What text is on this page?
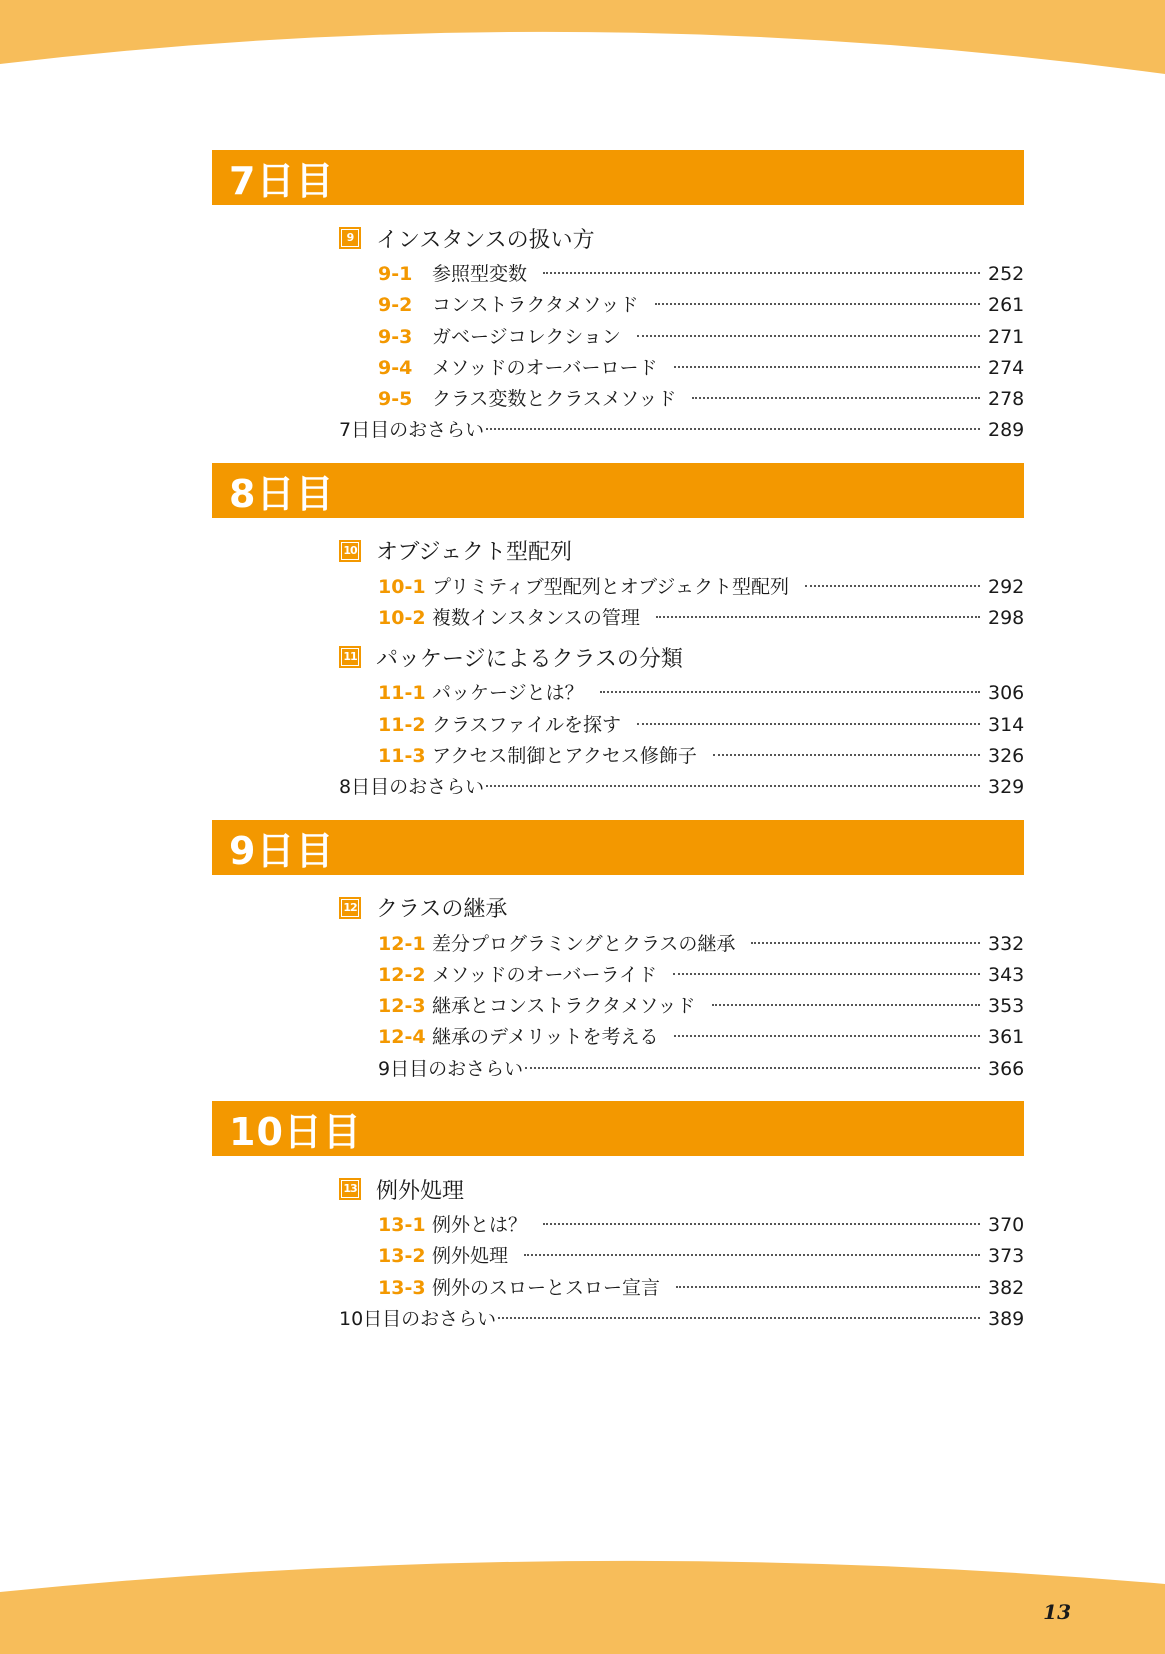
7日目
9 インスタンスの扱い方
9-1	参照型変数	252
9-2	コンストラクタメソッド	261
9-3	ガベージコレクション	271
9-4	メソッドのオーバーロード	274
9-5	クラス変数とクラスメソッド	278
7日目のおさらい	289
8日目
10 オブジェクト型配列
10-1 プリミティブ型配列とオブジェクト型配列	292
10-2 複数インスタンスの管理	298
11 パッケージによるクラスの分類
11-1 パッケージとは？	306
11-2 クラスファイルを探す	314
11-3 アクセス制御とアクセス修飾子	326
8日目のおさらい	329
9日目
12 クラスの継承
12-1 差分プログラミングとクラスの継承	332
12-2 メソッドのオーバーライド	343
12-3 継承とコンストラクタメソッド	353
12-4 継承のデメリットを考える	361
9日目のおさらい	366
10日目
13 例外処理
13-1 例外とは？	370
13-2 例外処理	373
13-3 例外のスローとスロー宣言	382
10日目のおさらい	389
13
